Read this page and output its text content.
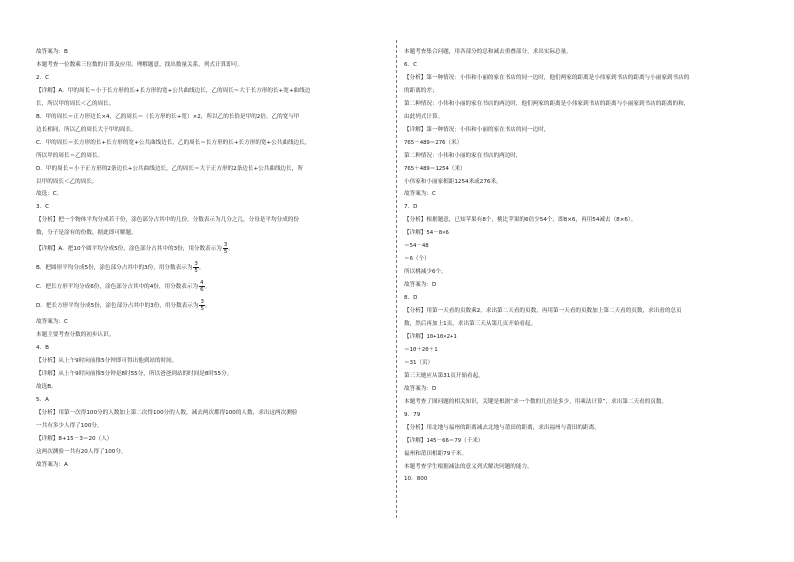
故答案为：B
本题考查一位数乘三位数的计算及应用。理解题意，找出数量关系，列式计算即可。
2．C
【详解】A．甲的周长＝小于长方形的长+长方形的宽+公共曲线边长，乙的周长＝大于长方形的长+宽+曲线边
长，所以甲的周长＜乙的周长。
B．甲的周长＝正方形边长×4，乙的周长＝（长方形的长+宽）×2，所以乙的长恰是甲的2倍，乙的宽与甲
边长相同，所以乙的周长大于甲的周长。
C．甲的周长＝长方形的长+长方形的宽+公共曲线边长，乙的周长＝长方形的长+长方形的宽+公共曲线边长，
所以甲的周长＝乙的周长。
D．甲的周长＝小于正方形的2条边长+公共曲线边长，乙的周长＝大于正方形的2条边长+公共曲线边长，所
以甲的周长＜乙的周长。
故选：C。
3．C
【分析】把一个物体平均分成若干份，涂色部分占其中的几份，分数表示为几分之几，分母是平均分成的份
数，分子是涂有的份数，据此即可解题。
【详解】A．把10个圆平均分成5份，涂色部分占其中的3份，用分数表示为 $\frac{3}{5}$ 。
B．把圆形平均分成5份，涂色部分占其中的3份，用分数表示为 $\frac{3}{5}$ 。
C．把长方形平均分成6份，涂色部分占其中的4份，用分数表示为 $\frac{4}{6}$ 。
D．把长方形平均分成5份，涂色部分占其中的3份，用分数表示为 $\frac{3}{5}$ 。
故答案为：C
本题主要考查分数的初步认识。
4．B
【分析】从上午9时向前推5分钟即可得出他到站的时间。
【详解】从上午9时向前推5分钟是8时55分，所以爸爸到站的时间是8时55分。
故选B。
5．A
【分析】用第一次得100分的人数加上第二次得100分的人数，减去两次都得100的人数，求出这两次测验
一共有多少人得了100分。
【详解】8+15－3＝20（人）
这两次测验一共有20人得了100分。
故答案为：A
本题考查集合问题，用各部分的总和减去重叠部分，求出实际总量。
6．C
【分析】第一种情况：小伟和小丽的家在书店的同一边时，他们两家的距离是小伟家到书店的距离与小丽家到书店的
的距离的差；
第二种情况：小伟和小丽的家在书店的两边时，他们两家的距离是小伟家到书店的距离与小丽家到书店的距离的和，
由此列式计算。
【详解】第一种情况：小伟和小丽的家在书店的同一边时，
765－489＝276（米）
第二种情况：小伟和小丽的家在书店的两边时，
765＋489＝1254（米）
小伟家和小丽家相距1254米或276米。
故答案为：C
7．D
【分析】根据题意，已知苹果有8个，桃比苹果的6倍少54个，即8×6，再用54减去（8×6）。
【详解】54－8×6
＝54－48
＝6（个）
所以桃减少6个。
故答案为：D
8．D
【分析】用第一天看的页数乘2，求出第二天看的页数，再用第一天看的页数加上第二天看的页数，求出看的总页
数，然后再加上1页，求出第三天从第几页开始看起。
【详解】10+10×2+1
＝10＋20＋1
＝31（页）
第三天她应从第31页开始看起。
故答案为：D
本题考查了图问题的相关知识，关键是根据“求一个数的几倍是多少，用乘法计算”，求出第二天看的页数。
9．79
【分析】用北地与福州的距离减去北地与莆田的距离，求出福州与莆田的距离。
【详解】145－66＝79（千米）
福州和莆田相距79千米。
本题考查学生根据减法的意义列式解决问题的能力。
10．800
